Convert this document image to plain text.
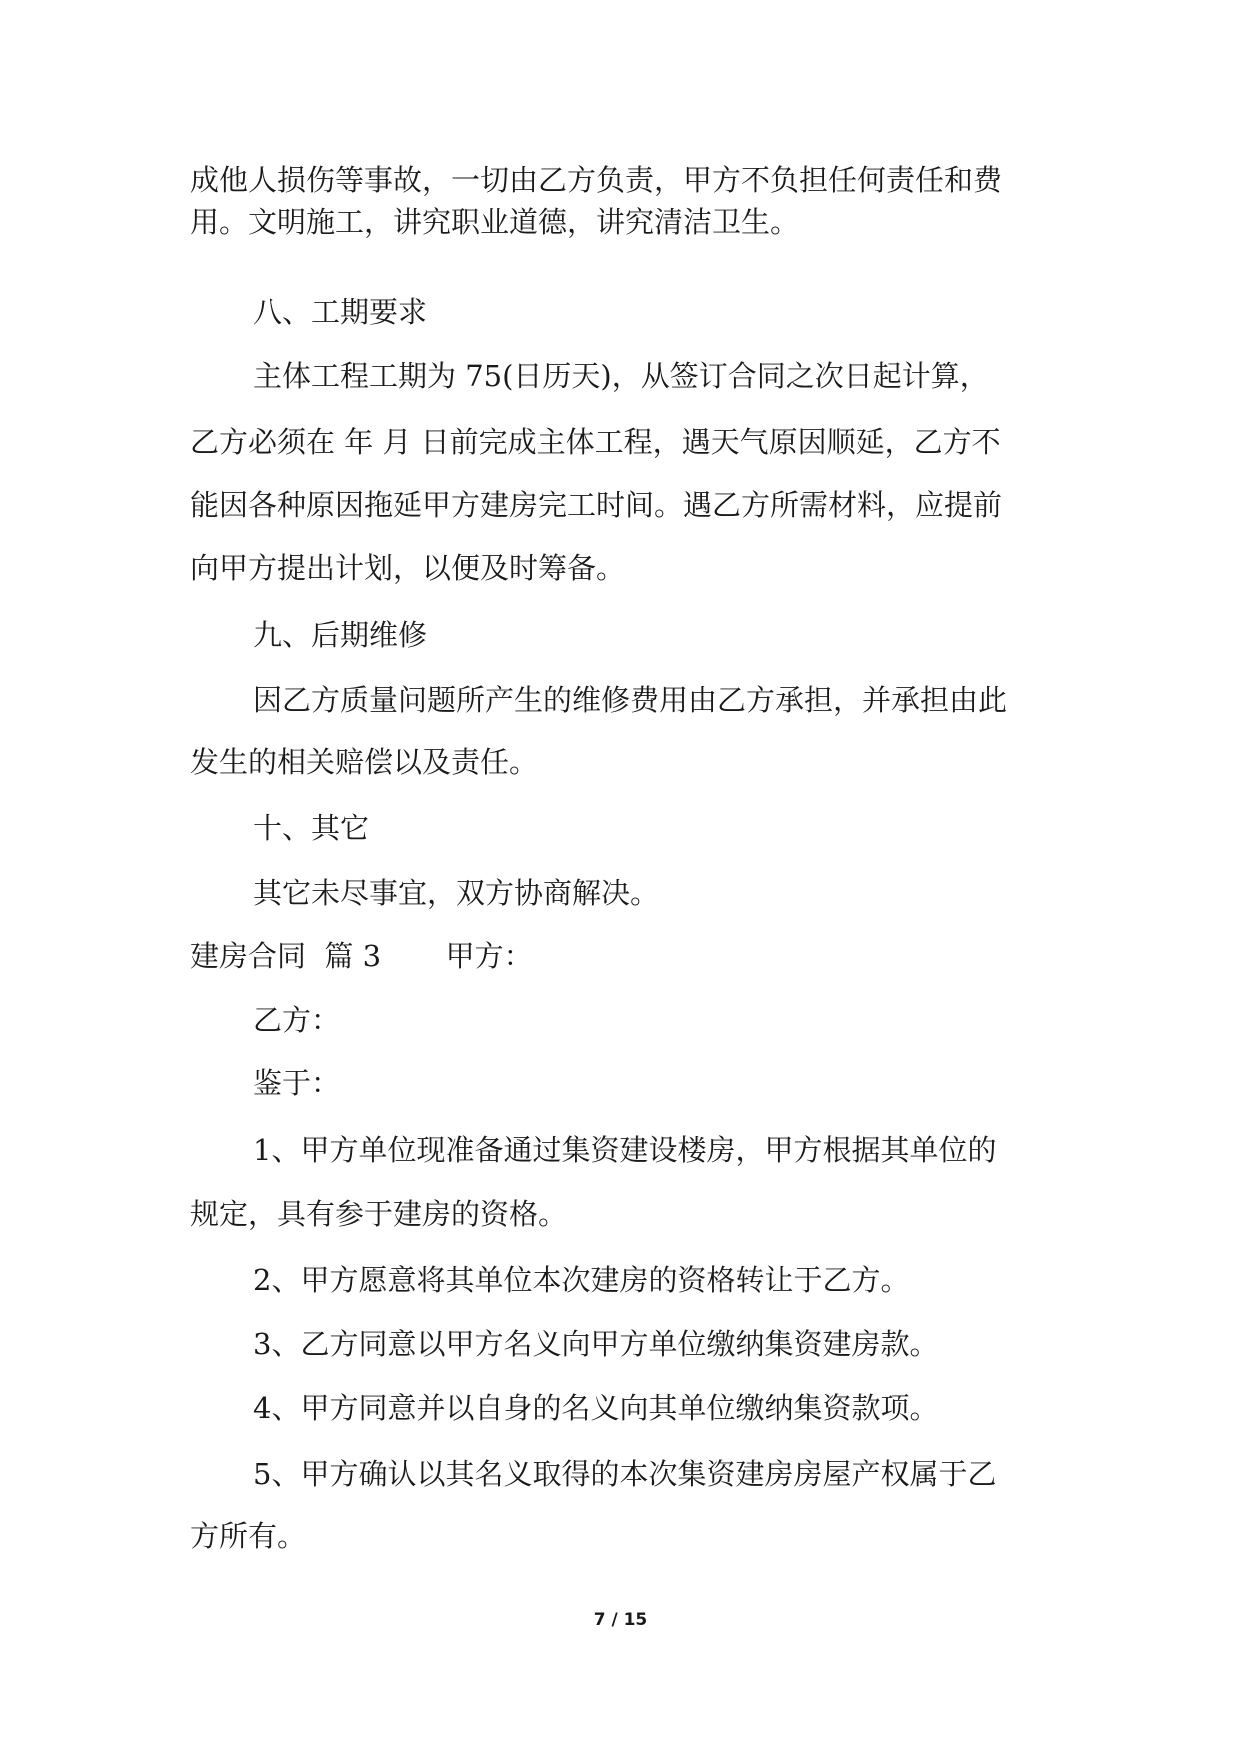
成他人损伤等事故，一切由乙方负责，甲方不负担任何责任和费
用。文明施工，讲究职业道德，讲究清洁卫生。
八、工期要求
主体工程工期为 75(日历天)，从签订合同之次日起计算，
乙方必须在 年 月 日前完成主体工程，遇天气原因顺延，乙方不
能因各种原因拖延甲方建房完工时间。遇乙方所需材料，应提前
向甲方提出计划，以便及时筹备。
九、后期维修
因乙方质量问题所产生的维修费用由乙方承担，并承担由此
发生的相关赔偿以及责任。
十、其它
其它未尽事宜，双方协商解决。
建房合同  篇 3       甲方：
乙方：
鉴于：
1、甲方单位现准备通过集资建设楼房，甲方根据其单位的
规定，具有参于建房的资格。
2、甲方愿意将其单位本次建房的资格转让于乙方。
3、乙方同意以甲方名义向甲方单位缴纳集资建房款。
4、甲方同意并以自身的名义向其单位缴纳集资款项。
5、甲方确认以其名义取得的本次集资建房房屋产权属于乙
方所有。
7 / 15
